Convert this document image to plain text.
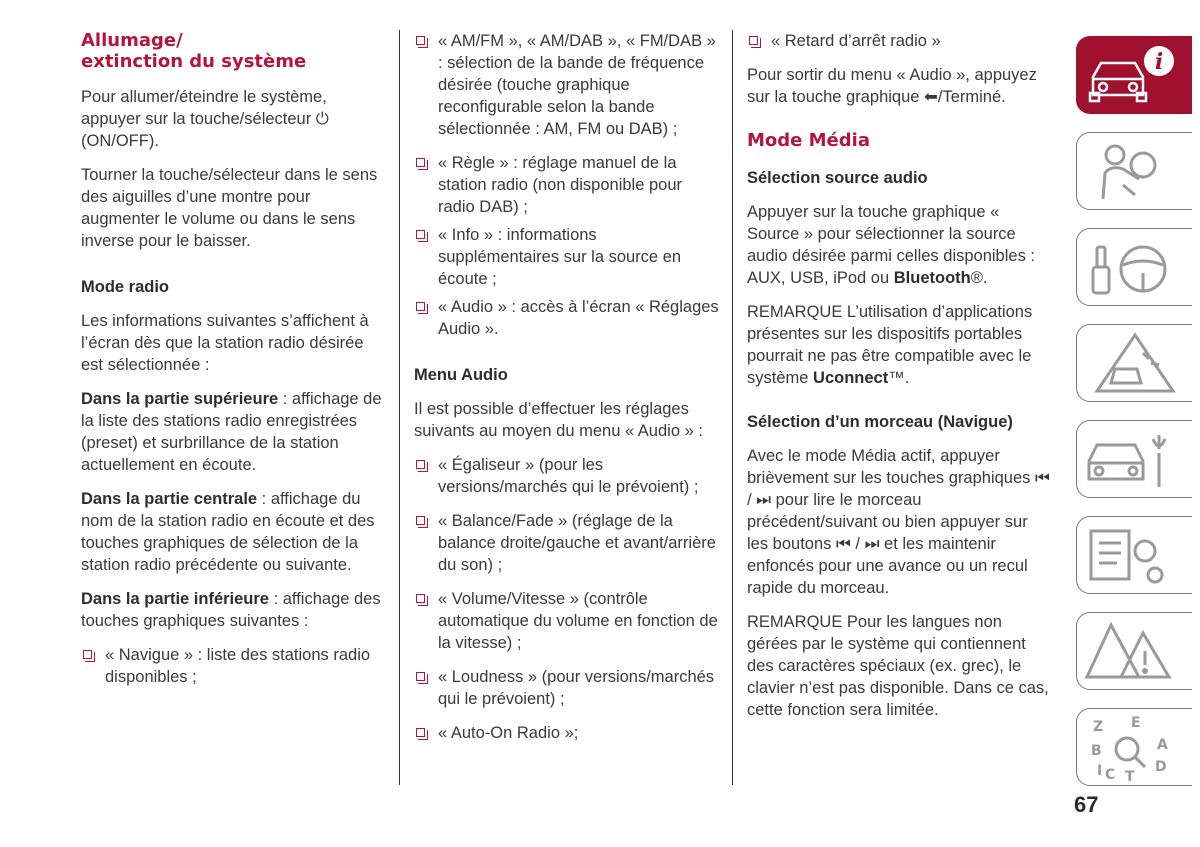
Allumage/
extinction du système

Pour allumer/éteindre le système, appuyer sur la touche/sélecteur ⏻ (ON/OFF).

Tourner la touche/sélecteur dans le sens des aiguilles d’une montre pour augmenter le volume ou dans le sens inverse pour le baisser.

Mode radio

Les informations suivantes s’affichent à l’écran dès que la station radio désirée est sélectionnée :

Dans la partie supérieure : affichage de la liste des stations radio enregistrées (preset) et surbrillance de la station actuellement en écoute.

Dans la partie centrale : affichage du nom de la station radio en écoute et des touches graphiques de sélection de la station radio précédente ou suivante.

Dans la partie inférieure : affichage des touches graphiques suivantes :

« Navigue » : liste des stations radio disponibles ;
« AM/FM », « AM/DAB », « FM/DAB » : sélection de la bande de fréquence désirée (touche graphique reconfigurable selon la bande sélectionnée : AM, FM ou DAB) ;
« Règle » : réglage manuel de la station radio (non disponible pour radio DAB) ;
« Info » : informations supplémentaires sur la source en écoute ;
« Audio » : accès à l’écran « Réglages Audio ».
Menu Audio

Il est possible d’effectuer les réglages suivants au moyen du menu « Audio » :

« Égaliseur » (pour les versions/marchés qui le prévoient) ;
« Balance/Fade » (réglage de la balance droite/gauche et avant/arrière du son) ;
« Volume/Vitesse » (contrôle automatique du volume en fonction de la vitesse) ;
« Loudness » (pour versions/marchés qui le prévoient) ;
« Auto-On Radio »;
« Retard d’arrêt radio »

Pour sortir du menu « Audio », appuyez sur la touche graphique ⬅/Terminé.

Mode Média
Sélection source audio

Appuyer sur la touche graphique « Source » pour sélectionner la source audio désirée parmi celles disponibles : AUX, USB, iPod ou Bluetooth®.

REMARQUE L’utilisation d’applications présentes sur les dispositifs portables pourrait ne pas être compatible avec le système Uconnect™.

Sélection d’un morceau (Navigue)

Avec le mode Média actif, appuyer brièvement sur les touches graphiques ⏮ / ⏭ pour lire le morceau précédent/suivant ou bien appuyer sur les boutons ⏮ / ⏭ et les maintenir enfoncés pour une avance ou un recul rapide du morceau.

REMARQUE Pour les langues non gérées par le système qui contiennent des caractères spéciaux (ex. grec), le clavier n’est pas disponible. Dans ce cas, cette fonction sera limitée.

i
Z E
B	A
I C T
D
67
